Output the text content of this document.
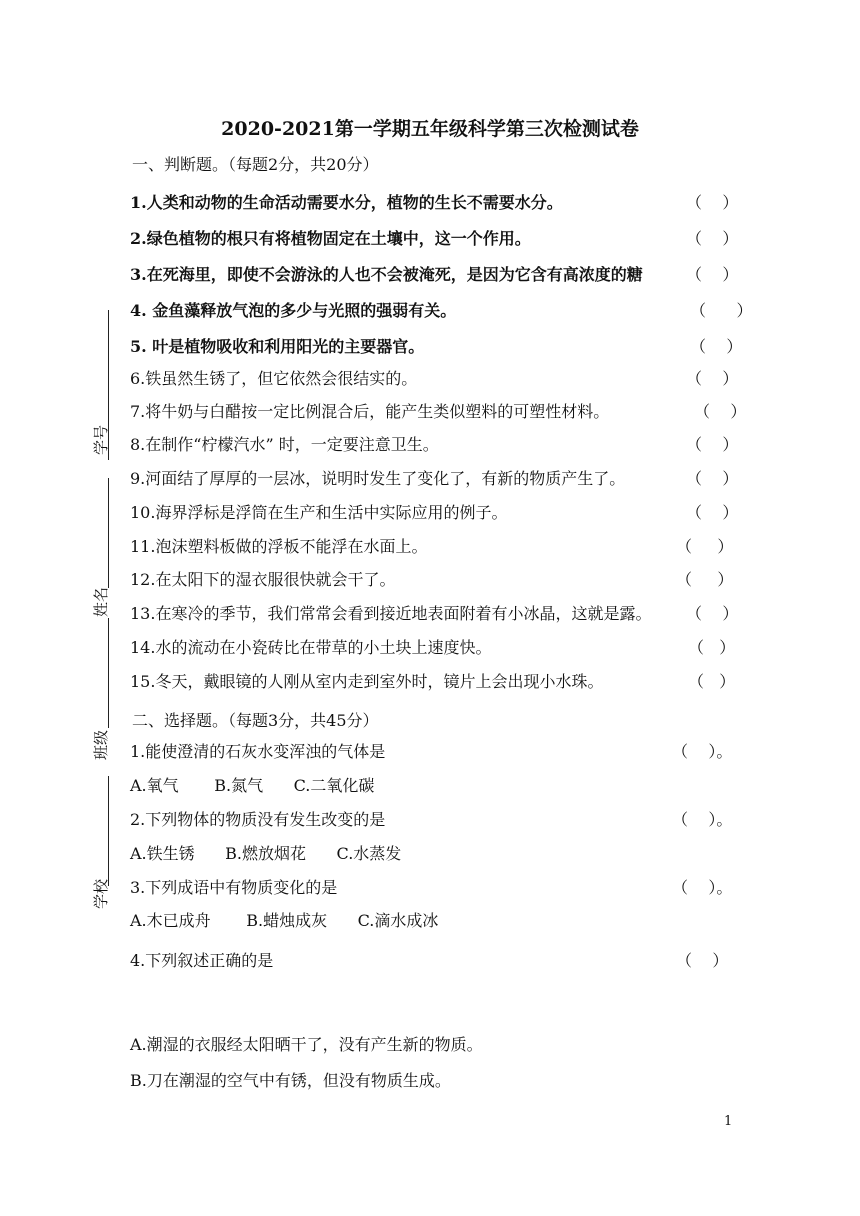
2020-2021第一学期五年级科学第三次检测试卷
一、判断题。（每题2分，共20分）
1.人类和动物的生命活动需要水分，植物的生长不需要水分。	（    ）
2.绿色植物的根只有将植物固定在土壤中，这一个作用。	（    ）
3.在死海里，即使不会游泳的人也不会被淹死，是因为它含有高浓度的糖	（    ）
4. 金鱼藻释放气泡的多少与光照的强弱有关。	（      ）
5. 叶是植物吸收和利用阳光的主要器官。	（    ）
6.铁虽然生锈了，但它依然会很结实的。	（    ）
7.将牛奶与白醋按一定比例混合后，能产生类似塑料的可塑性材料。	（    ）
8.在制作“柠檬汽水” 时，一定要注意卫生。	（    ）
9.河面结了厚厚的一层冰，说明时发生了变化了，有新的物质产生了。	（    ）
10.海界浮标是浮筒在生产和生活中实际应用的例子。	（    ）
11.泡沫塑料板做的浮板不能浮在水面上。	（     ）
12.在太阳下的湿衣服很快就会干了。	（     ）
13.在寒冷的季节，我们常常会看到接近地表面附着有小冰晶，这就是露。 （    ）
14.水的流动在小瓷砖比在带草的小土块上速度快。	（   ）
15.冬天，戴眼镜的人刚从室内走到室外时，镜片上会出现小水珠。	（   ）
二、选择题。（每题3分，共45分）
1.能使澄清的石灰水变浑浊的气体是	（    ）。
A.氧气       B.氮气      C.二氧化碳
2.下列物体的物质没有发生改变的是	（    ）。
A.铁生锈      B.燃放烟花      C.水蒸发
3.下列成语中有物质变化的是	（    ）。
A.木已成舟       B.蜡烛成灰      C.滴水成冰
4.下列叙述正确的是	（    ）
A.潮湿的衣服经太阳晒干了，没有产生新的物质。
B.刀在潮湿的空气中有锈，但没有物质生成。
学号
姓名
班级
学校
1
